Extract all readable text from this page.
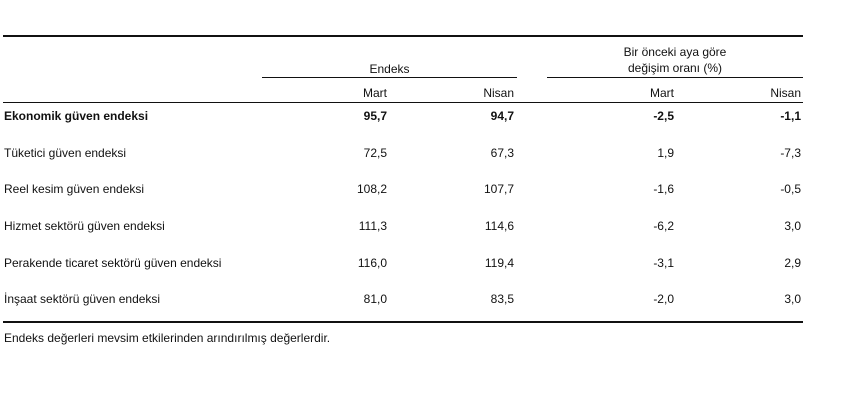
Endeks
Bir önceki aya göre
değişim oranı (%)
Mart	Nisan	Mart	Nisan
Ekonomik güven endeksi	95,7	94,7	-2,5	-1,1
Tüketici güven endeksi	72,5	67,3	1,9	-7,3
Reel kesim güven endeksi	108,2	107,7	-1,6	-0,5
Hizmet sektörü güven endeksi	111,3	114,6	-6,2	3,0
Perakende ticaret sektörü güven endeksi	116,0	119,4	-3,1	2,9
İnşaat sektörü güven endeksi	81,0	83,5	-2,0	3,0
Endeks değerleri mevsim etkilerinden arındırılmış değerlerdir.
